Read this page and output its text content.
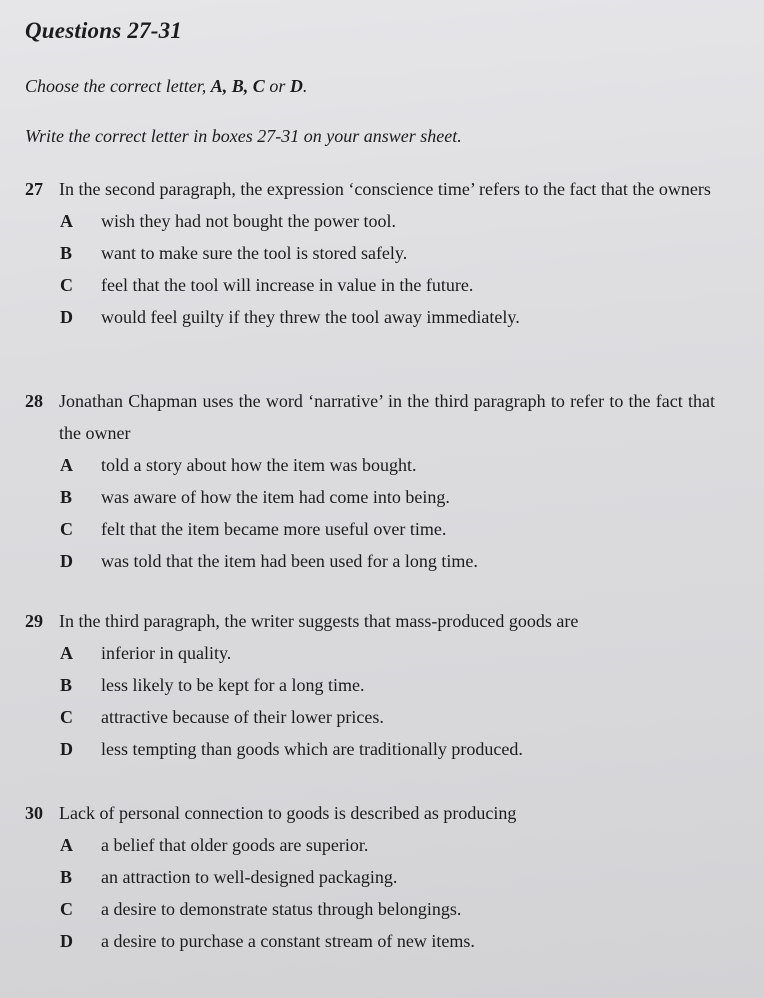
Questions 27-31
Choose the correct letter, A, B, C or D.
Write the correct letter in boxes 27-31 on your answer sheet.
27 In the second paragraph, the expression ‘conscience time’ refers to the fact that the owners
A wish they had not bought the power tool.
B want to make sure the tool is stored safely.
C feel that the tool will increase in value in the future.
D would feel guilty if they threw the tool away immediately.
28 Jonathan Chapman uses the word ‘narrative’ in the third paragraph to refer to the fact that the owner
A told a story about how the item was bought.
B was aware of how the item had come into being.
C felt that the item became more useful over time.
D was told that the item had been used for a long time.
29 In the third paragraph, the writer suggests that mass-produced goods are
A inferior in quality.
B less likely to be kept for a long time.
C attractive because of their lower prices.
D less tempting than goods which are traditionally produced.
30 Lack of personal connection to goods is described as producing
A a belief that older goods are superior.
B an attraction to well-designed packaging.
C a desire to demonstrate status through belongings.
D a desire to purchase a constant stream of new items.
